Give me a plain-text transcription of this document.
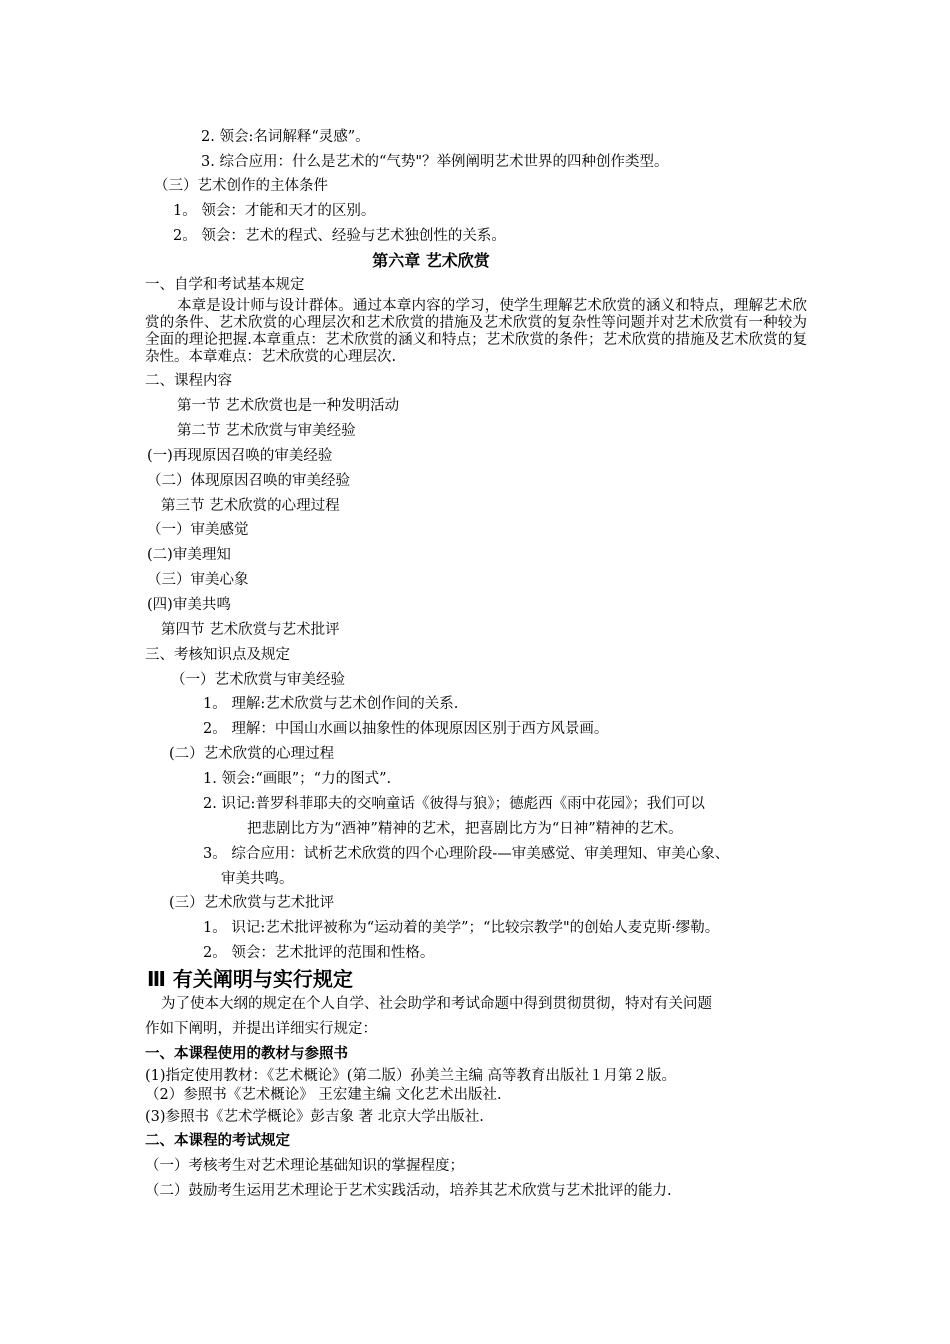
2. 领会:名词解释“灵感”。
3. 综合应用：什么是艺术的“气势"？举例阐明艺术世界的四种创作类型。
（三）艺术创作的主体条件
1。 领会：才能和天才的区别。
2。 领会：艺术的程式、经验与艺术独创性的关系。
第六章 艺术欣赏
一、自学和考试基本规定
本章是设计师与设计群体。通过本章内容的学习，使学生理解艺术欣赏的涵义和特点，理解艺术欣赏的条件、艺术欣赏的心理层次和艺术欣赏的措施及艺术欣赏的复杂性等问题并对艺术欣赏有一种较为全面的理论把握.本章重点：艺术欣赏的涵义和特点；艺术欣赏的条件；艺术欣赏的措施及艺术欣赏的复杂性。本章难点：艺术欣赏的心理层次.
二、课程内容
第一节 艺术欣赏也是一种发明活动
第二节 艺术欣赏与审美经验
(一)再现原因召唤的审美经验
（二）体现原因召唤的审美经验
第三节 艺术欣赏的心理过程
（一）审美感觉
(二)审美理知
（三）审美心象
(四)审美共鸣
第四节 艺术欣赏与艺术批评
三、考核知识点及规定
（一）艺术欣赏与审美经验
1。 理解:艺术欣赏与艺术创作间的关系.
2。 理解：中国山水画以抽象性的体现原因区别于西方风景画。
(二）艺术欣赏的心理过程
1. 领会:“画眼”；“力的图式”.
2. 识记:普罗科菲耶夫的交响童话《彼得与狼》；德彪西《雨中花园》；我们可以
把悲剧比方为“酒神”精神的艺术，把喜剧比方为“日神”精神的艺术。
3。 综合应用：试析艺术欣赏的四个心理阶段-—审美感觉、审美理知、审美心象、
审美共鸣。
(三）艺术欣赏与艺术批评
1。 识记:艺术批评被称为“运动着的美学”；“比较宗教学"的创始人麦克斯·缪勒。
2。 领会：艺术批评的范围和性格。
Ⅲ 有关阐明与实行规定
为了使本大纲的规定在个人自学、社会助学和考试命题中得到贯彻贯彻，特对有关问题
作如下阐明，并提出详细实行规定：
一、本课程使用的教材与参照书
(1)指定使用教材：《艺术概论》(第二版）孙美兰主编 高等教育出版社１月第２版。
（2）参照书《艺术概论》 王宏建主编 文化艺术出版社.
(3)参照书《艺术学概论》彭吉象 著 北京大学出版社.
二、本课程的考试规定
（一）考核考生对艺术理论基础知识的掌握程度；
（二）鼓励考生运用艺术理论于艺术实践活动，培养其艺术欣赏与艺术批评的能力.
